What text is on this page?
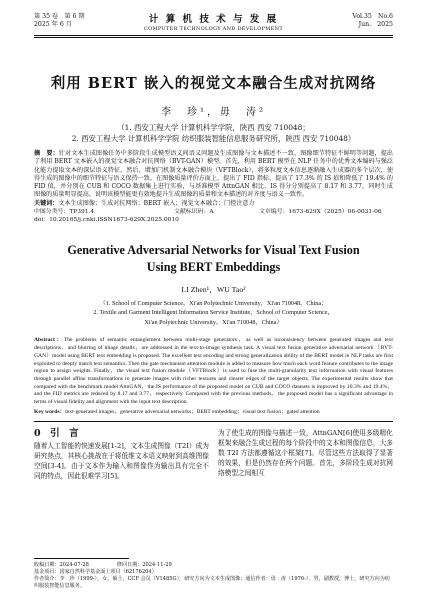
第 35 卷　第 6 期
2025 年 6 月	计 算 机 技 术 与 发 展
COMPUTER TECHNOLOGY AND DEVELOPMENT
Vol.35　No.6
Jun.　2025
利用 BERT 嵌入的视觉文本融合生成对抗网络
李　珍¹，毋　涛²
（1. 西安工程大学 计算机科学学院，陕西 西安 710048；
2. 西安工程大学 计算机科学学院 纺织服装智能信息服务研究所，陕西 西安 710048）
摘　要：针对文本生成图像任务中多阶段生成模型语义间语义问题及生成图像与文本描述不一致、图像细节特征不鲜明等问题，提出了利用 BERT 文本嵌入的视觉文本融合对抗网络（BVT-GAN）模型。首先，利用 BERT 模型在 NLP 任务中的优秀文本编码与强泛化能力提取文本的深层语义特征。然后，增加门机制文本融合模块（VFTBlock），将多粒度文本信息逐渐融入生成器的多个层次，使得生成的图像中的细节特征与语义保持一致。在图像质量评价方面上，提出了 FID 指标，提高了 17.3% 的 IS 值和降低了 19.4% 的 FID 值，并分别在 CUB 和 COCO 数据集上进行实验，与基准模型 AttnGAN 相比，IS 得分分别提高了 8.17 和 3.77，同时生成图像的质量明显提高，说明该模型能更有效地提升生成图像的质量和文本描述的对齐度与语义一致性。
关键词：文本生成图像；生成对抗网络；BERT 嵌入；视觉文本融合；门控注意力
中图分类号：TP391.4	文献标识码：A	文章编号：1673-629X（2025）06-0031-06
doi：10.20165/j.cnki.ISSN1673-629X.2025.0010
Generative Adversarial Networks for Visual Text Fusion
Using BERT Embeddings
LI Zhen¹，WU Tao²
（1. School of Computer Science，Xi'an Polytechnic University，Xi'an 710048，China；
2. Textile and Garment Intelligent Information Service Institute，School of Computer Science，
Xi'an Polytechnic University，Xi'an 710048，China）
Abstract：The problems of semantic entanglement between multi-stage generators，as well as inconsistency between generated images and text descriptions，and blurring of image details，are addressed in the text-to-image synthesis task. A visual text fusion generative adversarial network（BVT-GAN）model using BERT text embedding is proposed. The excellent text encoding and strong generalization ability of the BERT model in NLP tasks are first exploited to deeply match text semantics. Then the gate mechanism attention module is added to measure how much each word feature contributes to the image region to assign weights. Finally，the visual text fusion module（VFTBlock）is used to fuse the multi-granularity text information with visual features through parallel affine transformations to generate images with richer textures and clearer edges of the target objects. The experimental results show that compared with the benchmark model AttnGAN，the IS performance of the proposed model on CUB and COCO datasets is improved by 10.3% and 19.4%，and the FID metrics are reduced by 8.17 and 3.77，respectively. Compared with the previous methods，the proposed model has a significant advantage in terms of visual fidelity and alignment with the input text description.
Key words：text-generated images；generative adversarial networks；BERT embedding；visual text fusion；gated attention
0　引　言
随着人工智能的快速发展[1-2]，文本生成图像（T2I）成为研究热点，其核心挑战在于将低维文本语义映射到高维图像空间[3-4]。由于文本作为输入和图像作为输出具有完全不同的特点，因此很难学习[5]。
为了使生成的图像与描述一致，AttnGAN[6]使用多级精化框架来融合生成过程的每个阶段中的文本和图像信息，大多数 T2I 方法都遵循这个框架[7]。尽管这些方法取得了显著的效果，但是仍然存在两个问题。首先，多阶段生成对抗网络模型之间相互
收稿日期：2024-07-28	修回日期：2024-11-29
基金项目：国家自然科学基金面上项目（62176204）
作者简介：李　珍（1999-），女，硕士，CCF 会员（V1485G），研究方向为文本生成图像；通信作者：毋　涛（1976-），男，副教授，博士，研究方向为纺织服装智能信息服务。
